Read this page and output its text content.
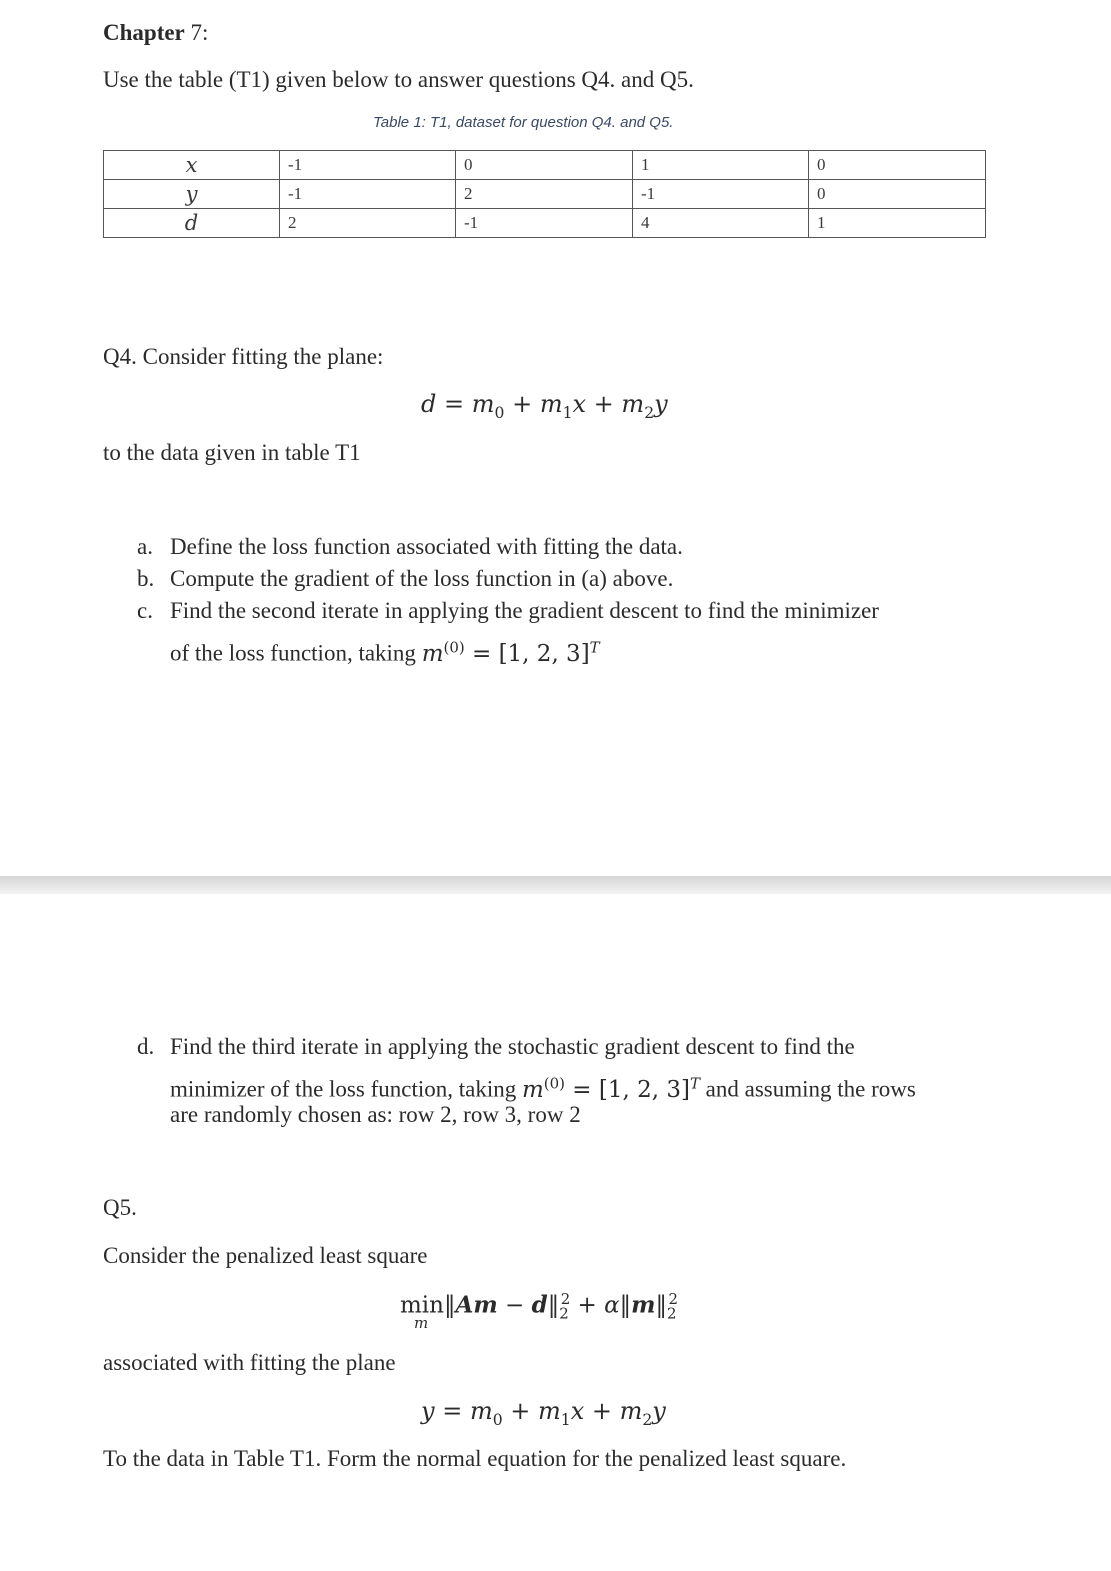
Chapter 7:
Use the table (T1) given below to answer questions Q4. and Q5.
Table 1: T1, dataset for question Q4. and Q5.
x	-1	0	1	0
y	-1	2	-1	0
d	2	-1	4	1
Q4. Consider fitting the plane:
$d = m_0 + m_1x + m_2y$
to the data given in table T1
a. Define the loss function associated with fitting the data.
b. Compute the gradient of the loss function in (a) above.
c. Find the second iterate in applying the gradient descent to find the minimizer
of the loss function, taking $m^{(0)} = [1$, 2, 3]$^T$
d. Find the third iterate in applying the stochastic gradient descent to find the
minimizer of the loss function, taking $m^{(0)} = [1$, 2, 3]$^T$ and assuming the rows
are randomly chosen as: row 2, row 3, row 2
Q5.
Consider the penalized least square
min‖Am − $d‖_2^2$ + $\alpha‖m‖_2^2$
m
associated with fitting the plane
$y = m_0 + m_1x + m_2y$
To the data in Table T1. Form the normal equation for the penalized least square.
